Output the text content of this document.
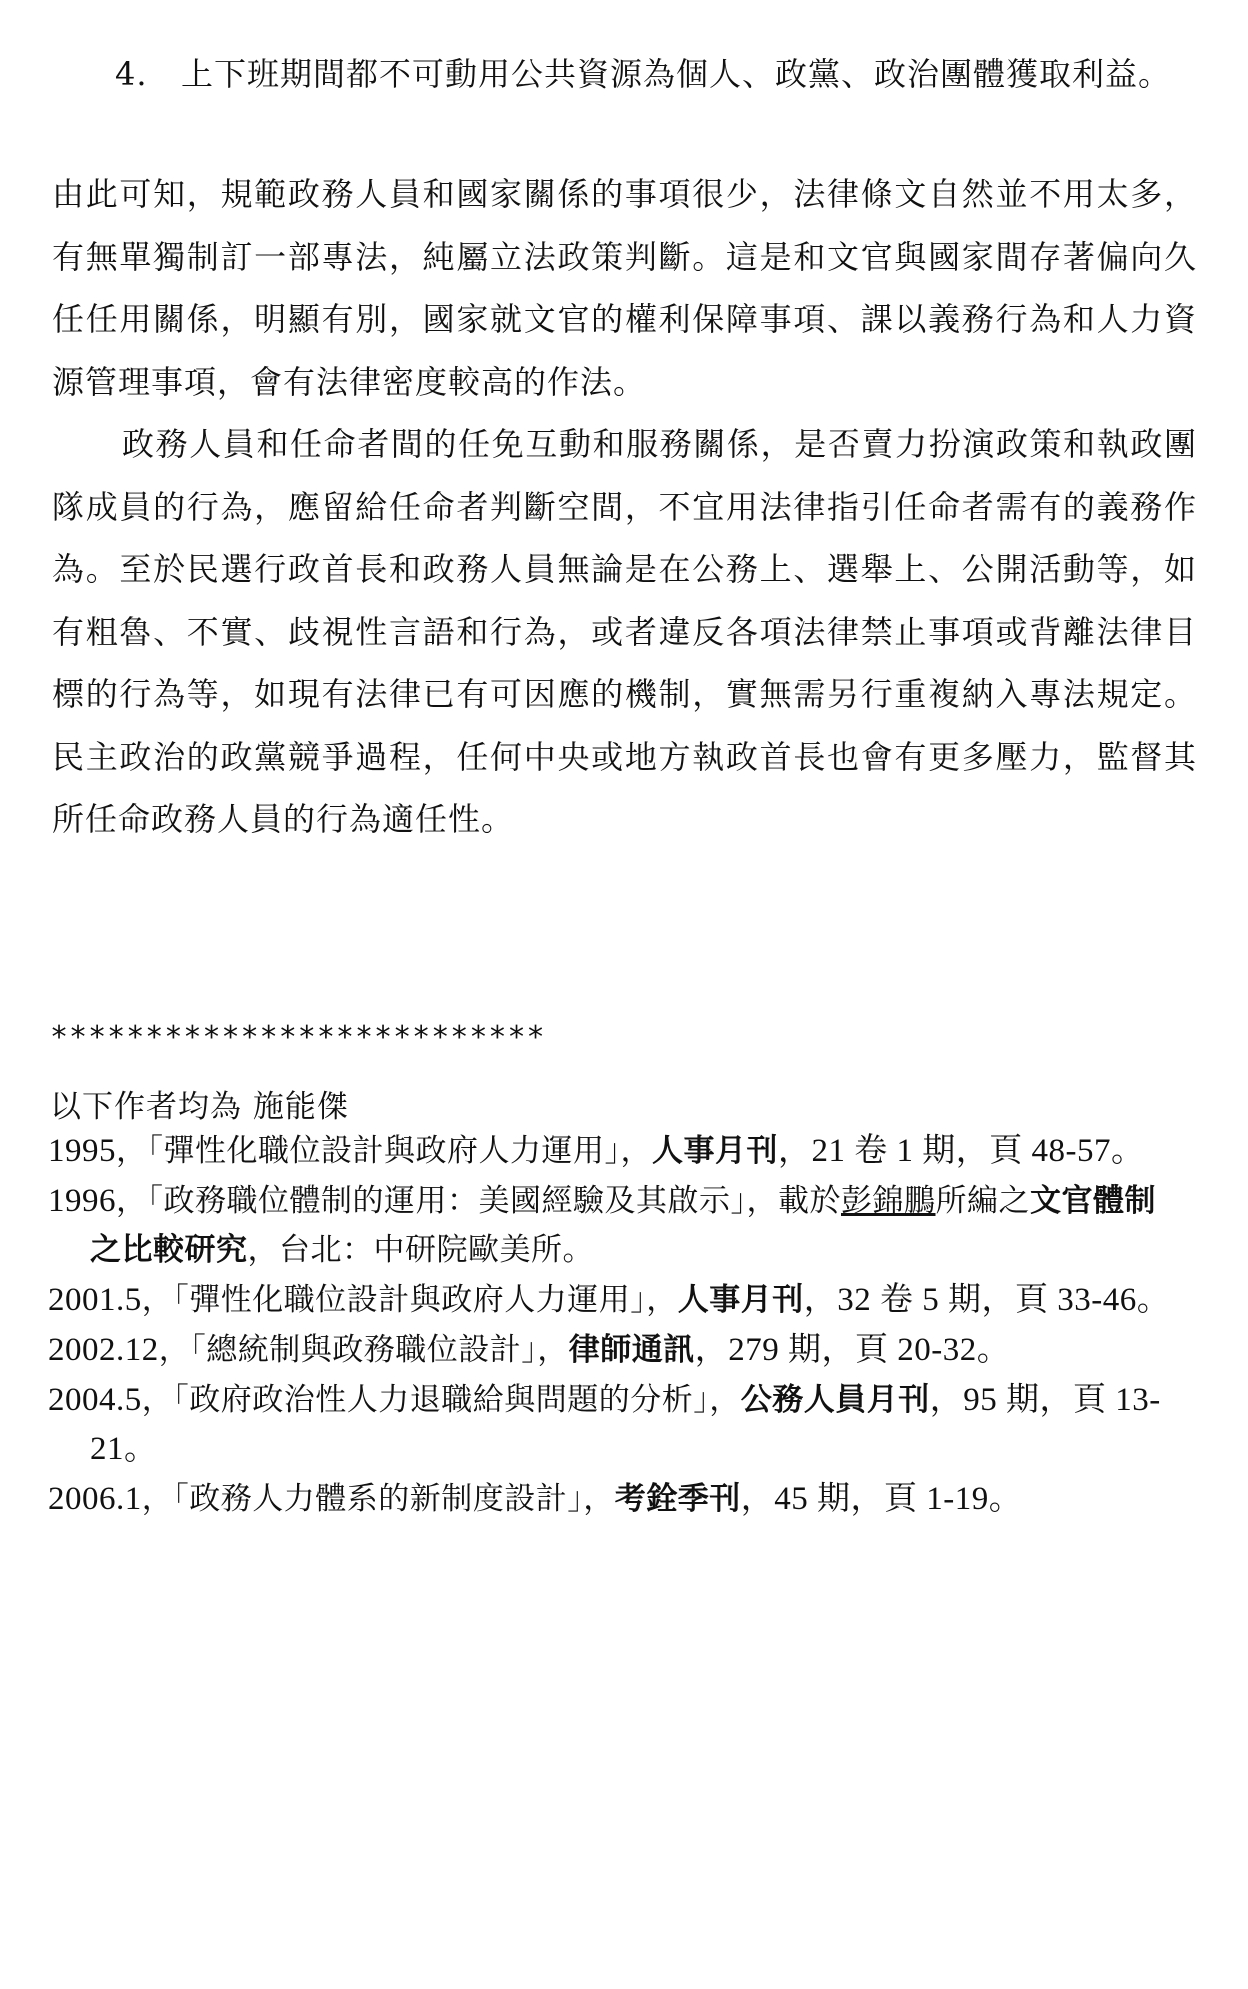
4.	上下班期間都不可動用公共資源為個人、政黨、政治團體獲取利益。

由此可知，規範政務人員和國家關係的事項很少，法律條文自然並不用太多，有無單獨制訂一部專法，純屬立法政策判斷。這是和文官與國家間存著偏向久任任用關係，明顯有別，國家就文官的權利保障事項、課以義務行為和人力資源管理事項，會有法律密度較高的作法。

政務人員和任命者間的任免互動和服務關係，是否賣力扮演政策和執政團隊成員的行為，應留給任命者判斷空間，不宜用法律指引任命者需有的義務作為。至於民選行政首長和政務人員無論是在公務上、選舉上、公開活動等，如有粗魯、不實、歧視性言語和行為，或者違反各項法律禁止事項或背離法律目標的行為等，如現有法律已有可因應的機制，實無需另行重複納入專法規定。民主政治的政黨競爭過程，任何中央或地方執政首長也會有更多壓力，監督其所任命政務人員的行為適任性。

**************************
以下作者均為 施能傑

1995，「彈性化職位設計與政府人力運用」，人事月刊，21 卷 1 期，頁 48-57。

1996，「政務職位體制的運用：美國經驗及其啟示」，載於彭錦鵬所編之文官體制之比較研究，台北：中研院歐美所。

2001.5，「彈性化職位設計與政府人力運用」，人事月刊，32 卷 5 期，頁 33-46。

2002.12，「總統制與政務職位設計」，律師通訊，279 期，頁 20-32。

2004.5，「政府政治性人力退職給與問題的分析」，公務人員月刊，95 期，頁 13-21。

2006.1，「政務人力體系的新制度設計」，考銓季刊，45 期，頁 1-19。
